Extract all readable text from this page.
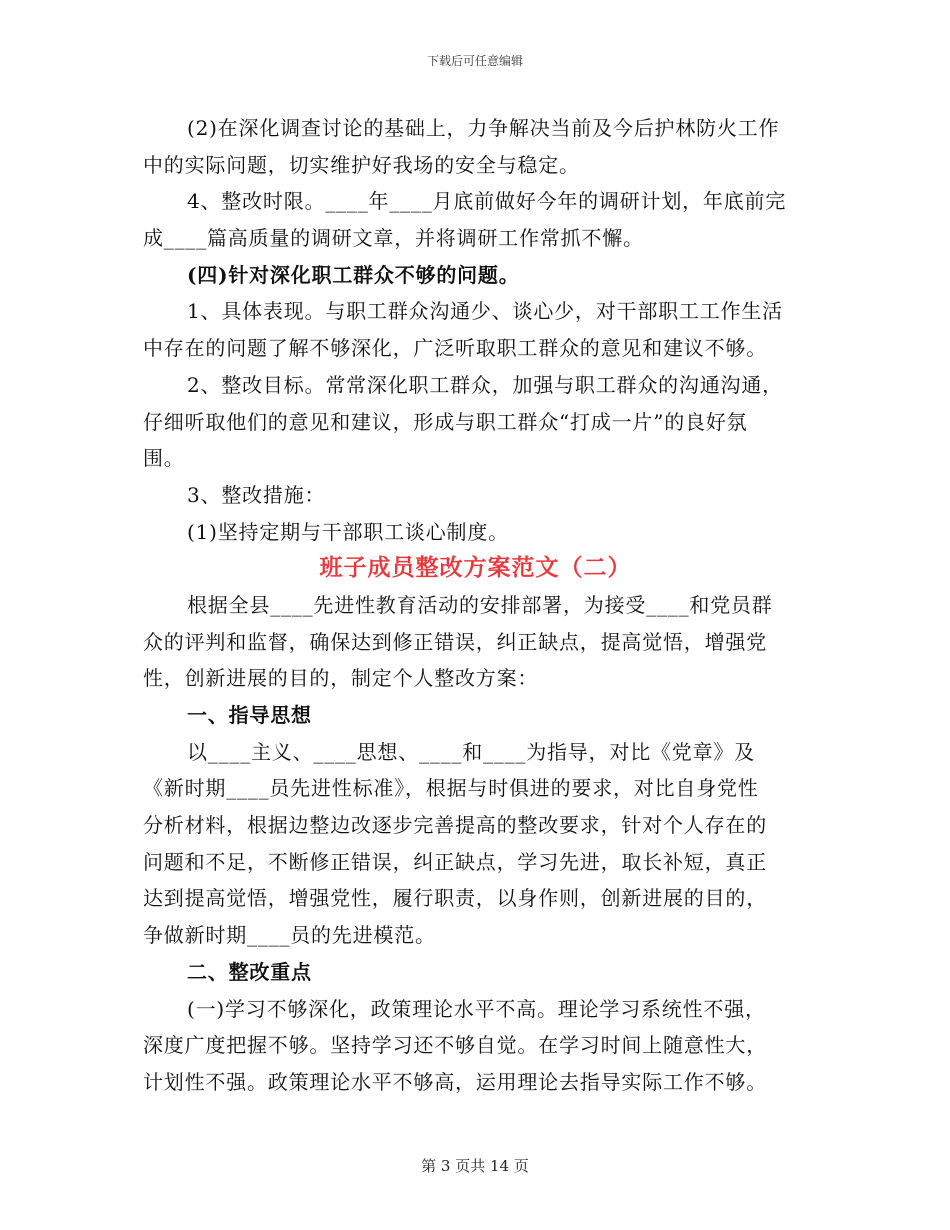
下载后可任意编辑
(2)在深化调查讨论的基础上，力争解决当前及今后护林防火工作
中的实际问题，切实维护好我场的安全与稳定。
4、整改时限。____年____月底前做好今年的调研计划，年底前完
成____篇高质量的调研文章，并将调研工作常抓不懈。
(四)针对深化职工群众不够的问题。
1、具体表现。与职工群众沟通少、谈心少，对干部职工工作生活
中存在的问题了解不够深化，广泛听取职工群众的意见和建议不够。
2、整改目标。常常深化职工群众，加强与职工群众的沟通沟通，
仔细听取他们的意见和建议，形成与职工群众“打成一片”的良好氛
围。
3、整改措施：
(1)坚持定期与干部职工谈心制度。
班子成员整改方案范文（二）
根据全县____先进性教育活动的安排部署，为接受____和党员群
众的评判和监督，确保达到修正错误，纠正缺点，提高觉悟，增强党
性，创新进展的目的，制定个人整改方案：
一、指导思想
以____主义、____思想、____和____为指导，对比《党章》及
《新时期____员先进性标准》，根据与时俱进的要求，对比自身党性
分析材料，根据边整边改逐步完善提高的整改要求，针对个人存在的
问题和不足，不断修正错误，纠正缺点，学习先进，取长补短，真正
达到提高觉悟，增强党性，履行职责，以身作则，创新进展的目的，
争做新时期____员的先进模范。
二、整改重点
(一)学习不够深化，政策理论水平不高。理论学习系统性不强，
深度广度把握不够。坚持学习还不够自觉。在学习时间上随意性大，
计划性不强。政策理论水平不够高，运用理论去指导实际工作不够。
第 3 页共 14 页
